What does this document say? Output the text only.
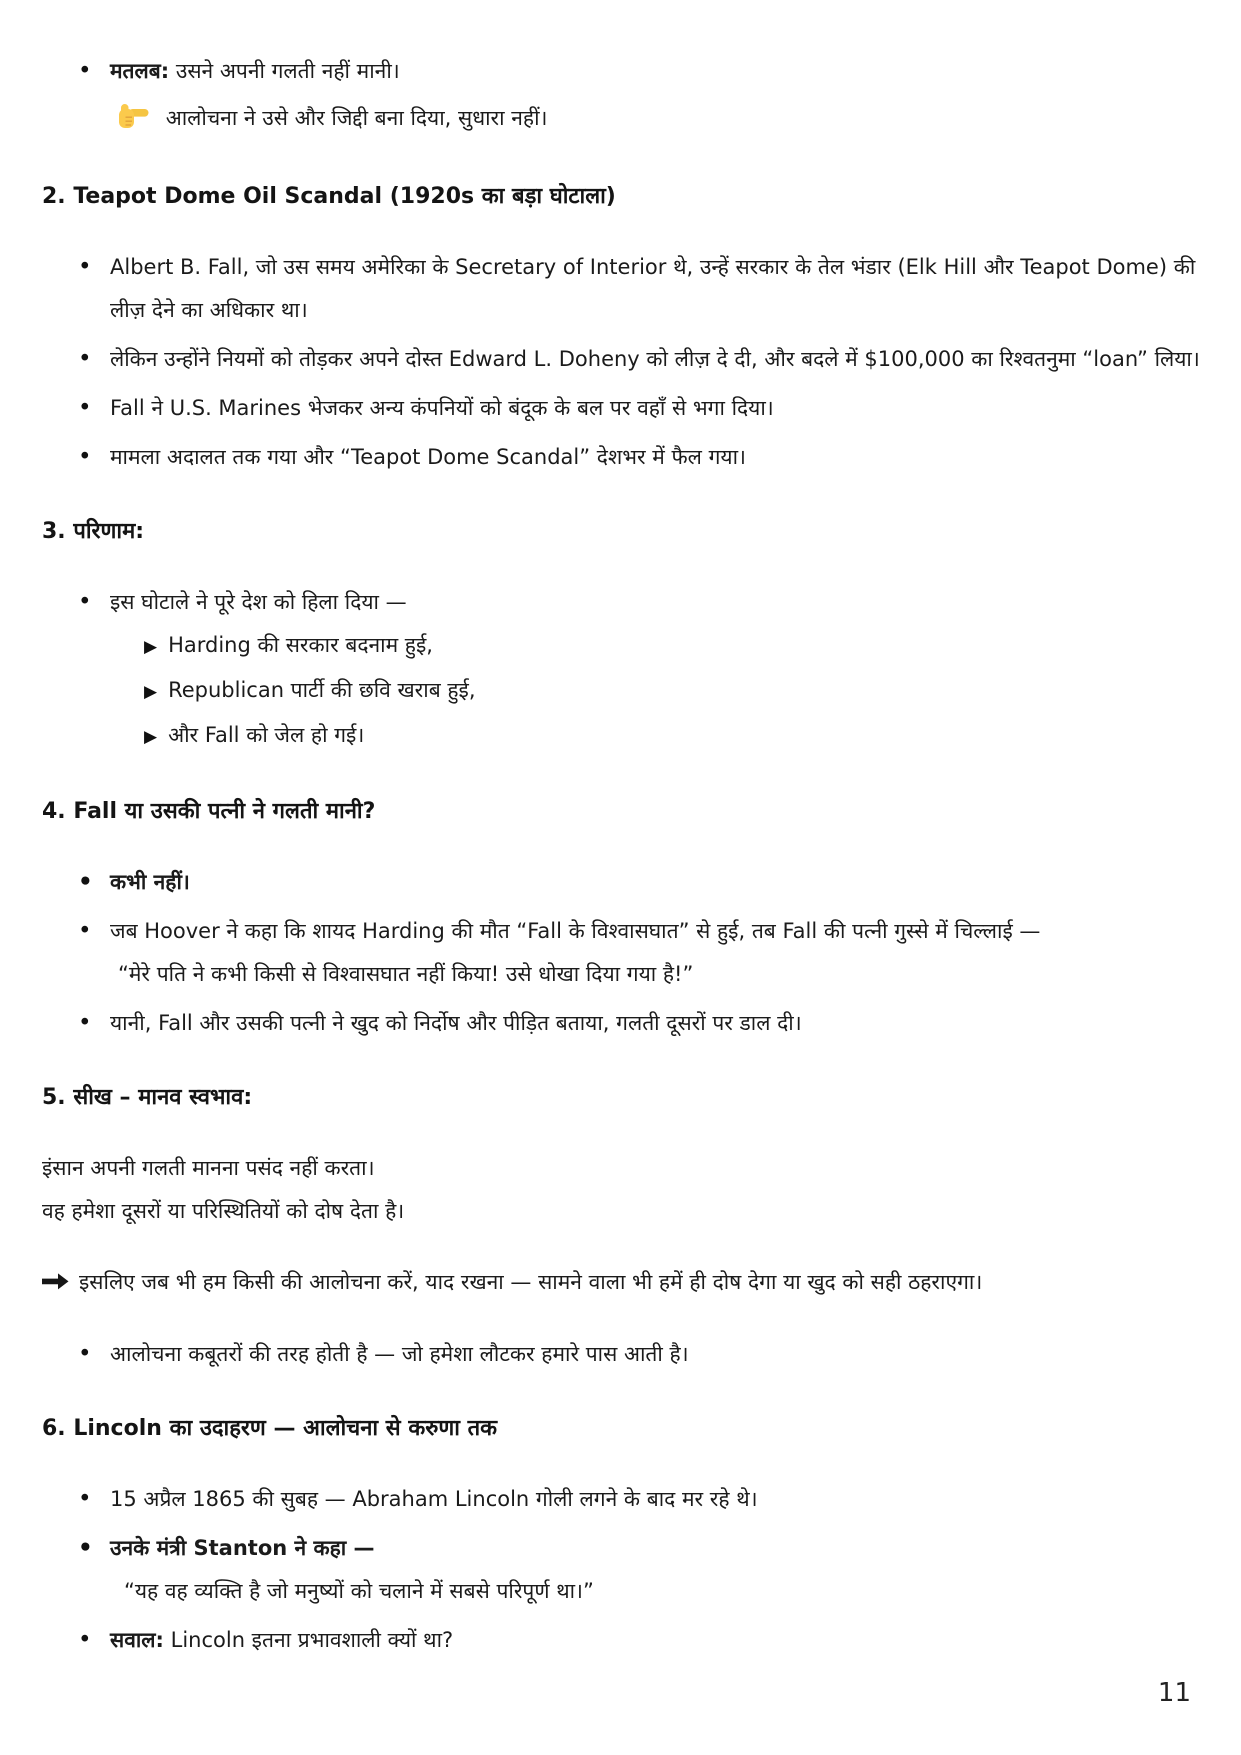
• मतलब: उसने अपनी गलती नहीं मानी।
आलोचना ने उसे और जिद्दी बना दिया, सुधारा नहीं।
2. Teapot Dome Oil Scandal (1920s का बड़ा घोटाला)
• Albert B. Fall, जो उस समय अमेरिका के Secretary of Interior थे, उन्हें सरकार के तेल भंडार (Elk Hill और Teapot Dome) की लीज़ देने का अधिकार था।
• लेकिन उन्होंने नियमों को तोड़कर अपने दोस्त Edward L. Doheny को लीज़ दे दी, और बदले में $100,000 का रिश्वतनुमा “loan” लिया।
• Fall ने U.S. Marines भेजकर अन्य कंपनियों को बंदूक के बल पर वहाँ से भगा दिया।
• मामला अदालत तक गया और “Teapot Dome Scandal” देशभर में फैल गया।
3. परिणाम:
• इस घोटाले ने पूरे देश को हिला दिया —
▶ Harding की सरकार बदनाम हुई,
▶ Republican पार्टी की छवि खराब हुई,
▶ और Fall को जेल हो गई।
4. Fall या उसकी पत्नी ने गलती मानी?
• कभी नहीं।
• जब Hoover ने कहा कि शायद Harding की मौत “Fall के विश्वासघात” से हुई, तब Fall की पत्नी गुस्से में चिल्लाई —
“मेरे पति ने कभी किसी से विश्वासघात नहीं किया! उसे धोखा दिया गया है!”
• यानी, Fall और उसकी पत्नी ने खुद को निर्दोष और पीड़ित बताया, गलती दूसरों पर डाल दी।
5. सीख – मानव स्वभाव:

इंसान अपनी गलती मानना पसंद नहीं करता।

वह हमेशा दूसरों या परिस्थितियों को दोष देता है।

इसलिए जब भी हम किसी की आलोचना करें, याद रखना — सामने वाला भी हमें ही दोष देगा या खुद को सही ठहराएगा।

• आलोचना कबूतरों की तरह होती है — जो हमेशा लौटकर हमारे पास आती है।
6. Lincoln का उदाहरण — आलोचना से करुणा तक
• 15 अप्रैल 1865 की सुबह — Abraham Lincoln गोली लगने के बाद मर रहे थे।
• उनके मंत्री Stanton ने कहा —
“यह वह व्यक्ति है जो मनुष्यों को चलाने में सबसे परिपूर्ण था।”
• सवाल: Lincoln इतना प्रभावशाली क्यों था?
11
